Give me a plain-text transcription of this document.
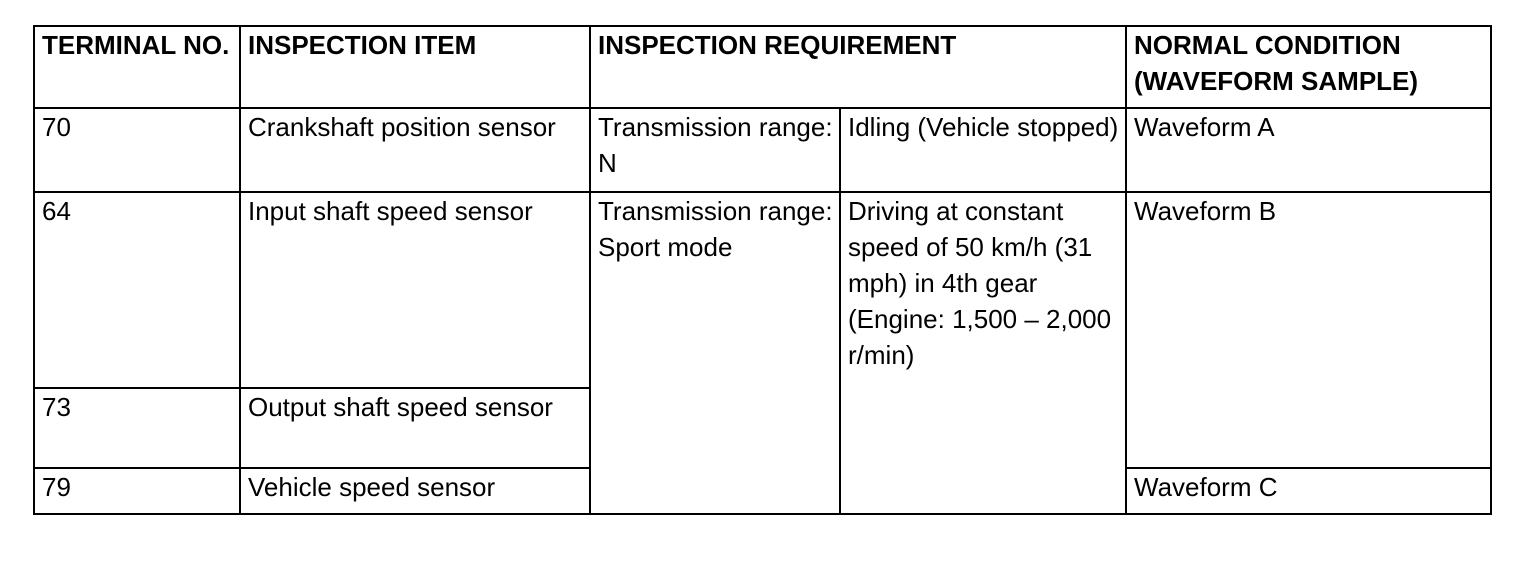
TERMINAL NO.	INSPECTION ITEM	INSPECTION REQUIREMENT		NORMAL CONDITION (WAVEFORM SAMPLE)
70	Crankshaft position sensor	Transmission range: N	Idling (Vehicle stopped)	Waveform A
64	Input shaft speed sensor	Transmission range: Sport mode	Driving at constant speed of 50 km/h (31 mph) in 4th gear (Engine: 1,500 – 2,000 r/min)	Waveform B
73	Output shaft speed sensor			
79	Vehicle speed sensor			Waveform C
